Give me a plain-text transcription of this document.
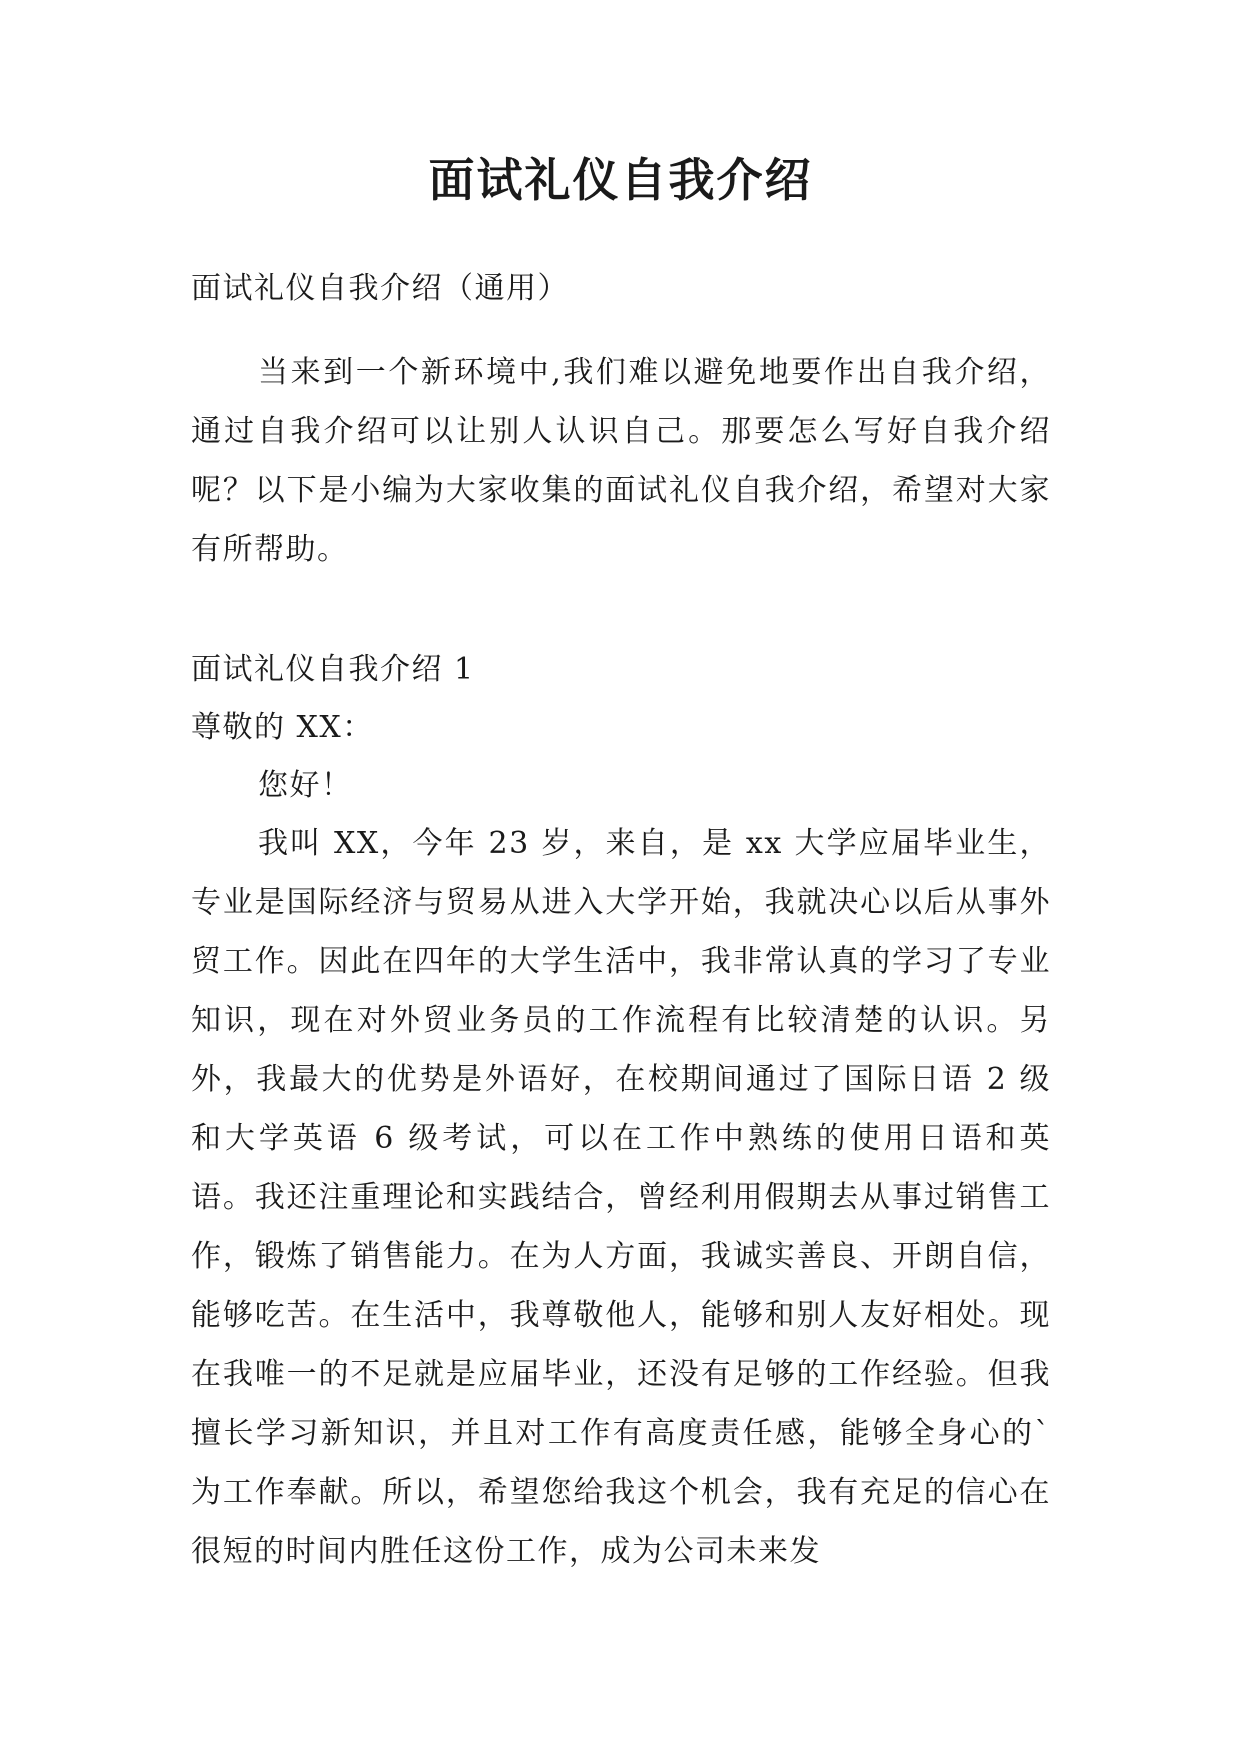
面试礼仪自我介绍

面试礼仪自我介绍（通用）

当来到一个新环境中,我们难以避免地要作出自我介绍，通过自我介绍可以让别人认识自己。那要怎么写好自我介绍呢？以下是小编为大家收集的面试礼仪自我介绍，希望对大家有所帮助。

面试礼仪自我介绍 1

尊敬的 XX：

您好！

我叫 XX，今年 23 岁，来自，是 xx 大学应届毕业生，专业是国际经济与贸易从进入大学开始，我就决心以后从事外贸工作。因此在四年的大学生活中，我非常认真的学习了专业知识，现在对外贸业务员的工作流程有比较清楚的认识。另外，我最大的优势是外语好，在校期间通过了国际日语 2 级和大学英语 6 级考试，可以在工作中熟练的使用日语和英语。我还注重理论和实践结合，曾经利用假期去从事过销售工作，锻炼了销售能力。在为人方面，我诚实善良、开朗自信，能够吃苦。在生活中，我尊敬他人，能够和别人友好相处。现在我唯一的不足就是应届毕业，还没有足够的工作经验。但我擅长学习新知识，并且对工作有高度责任感，能够全身心的`为工作奉献。所以，希望您给我这个机会，我有充足的信心在很短的时间内胜任这份工作，成为公司未来发
